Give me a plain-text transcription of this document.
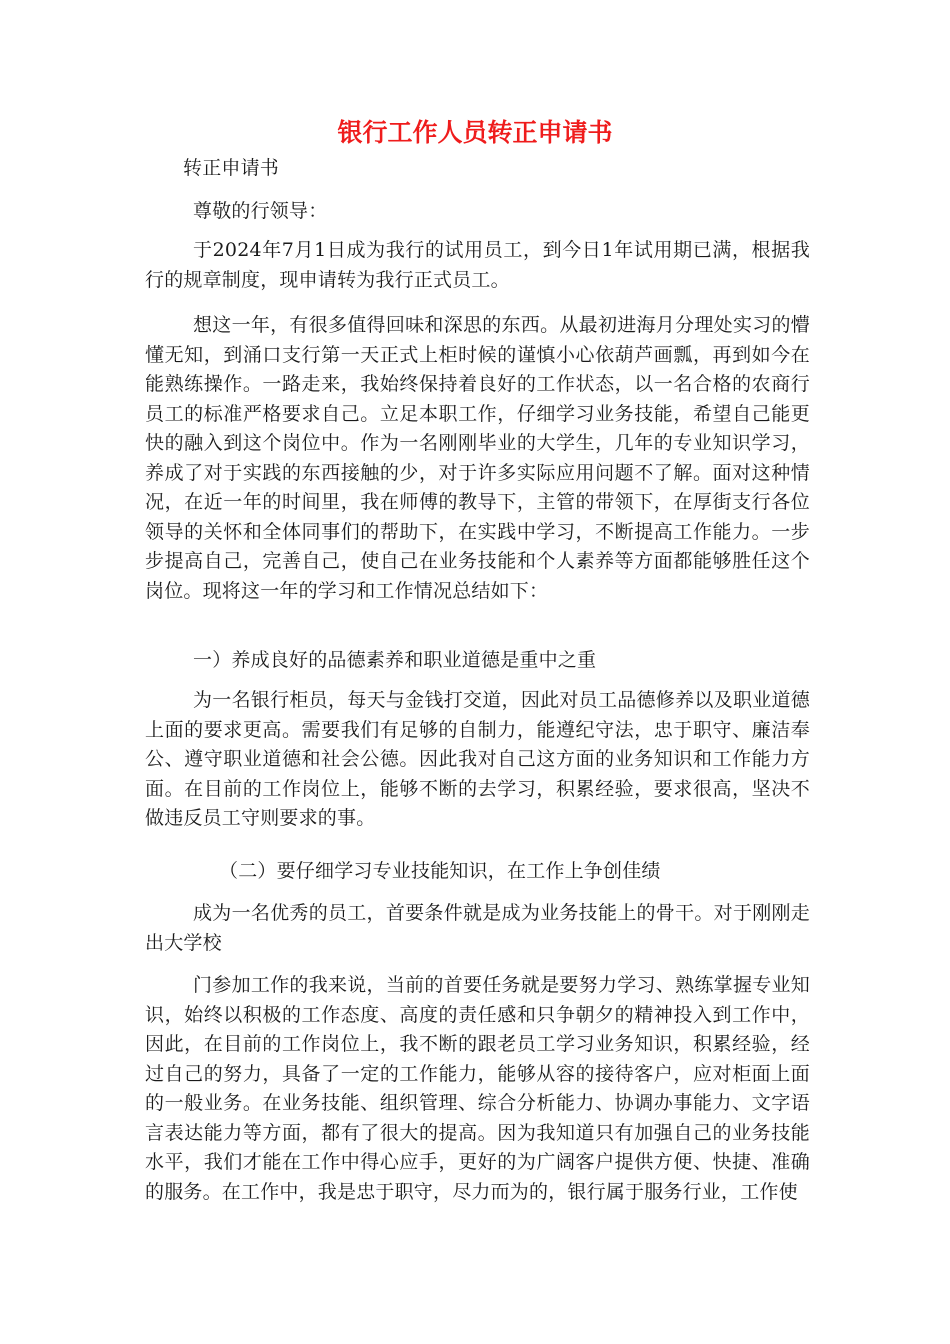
银行工作人员转正申请书

转正申请书

尊敬的行领导：

于2024年7月1日成为我行的试用员工，到今日1年试用期已满，根据我行的规章制度，现申请转为我行正式员工。

想这一年，有很多值得回味和深思的东西。从最初进海月分理处实习的懵懂无知，到涌口支行第一天正式上柜时候的谨慎小心依葫芦画瓢，再到如今在能熟练操作。一路走来，我始终保持着良好的工作状态，以一名合格的农商行员工的标准严格要求自己。立足本职工作，仔细学习业务技能，希望自己能更快的融入到这个岗位中。作为一名刚刚毕业的大学生，几年的专业知识学习，养成了对于实践的东西接触的少，对于许多实际应用问题不了解。面对这种情况，在近一年的时间里，我在师傅的教导下，主管的带领下，在厚街支行各位领导的关怀和全体同事们的帮助下，在实践中学习，不断提高工作能力。一步步提高自己，完善自己，使自己在业务技能和个人素养等方面都能够胜任这个岗位。现将这一年的学习和工作情况总结如下：

一）养成良好的品德素养和职业道德是重中之重

为一名银行柜员，每天与金钱打交道，因此对员工品德修养以及职业道德上面的要求更高。需要我们有足够的自制力，能遵纪守法，忠于职守、廉洁奉公、遵守职业道德和社会公德。因此我对自己这方面的业务知识和工作能力方面。在目前的工作岗位上，能够不断的去学习，积累经验，要求很高，坚决不做违反员工守则要求的事。

（二）要仔细学习专业技能知识，在工作上争创佳绩

成为一名优秀的员工，首要条件就是成为业务技能上的骨干。对于刚刚走出大学校

门参加工作的我来说，当前的首要任务就是要努力学习、熟练掌握专业知识，始终以积极的工作态度、高度的责任感和只争朝夕的精神投入到工作中，因此，在目前的工作岗位上，我不断的跟老员工学习业务知识，积累经验，经过自己的努力，具备了一定的工作能力，能够从容的接待客户，应对柜面上面的一般业务。在业务技能、组织管理、综合分析能力、协调办事能力、文字语言表达能力等方面，都有了很大的提高。因为我知道只有加强自己的业务技能水平，我们才能在工作中得心应手，更好的为广阔客户提供方便、快捷、准确的服务。在工作中，我是忠于职守，尽力而为的，银行属于服务行业，工作使
